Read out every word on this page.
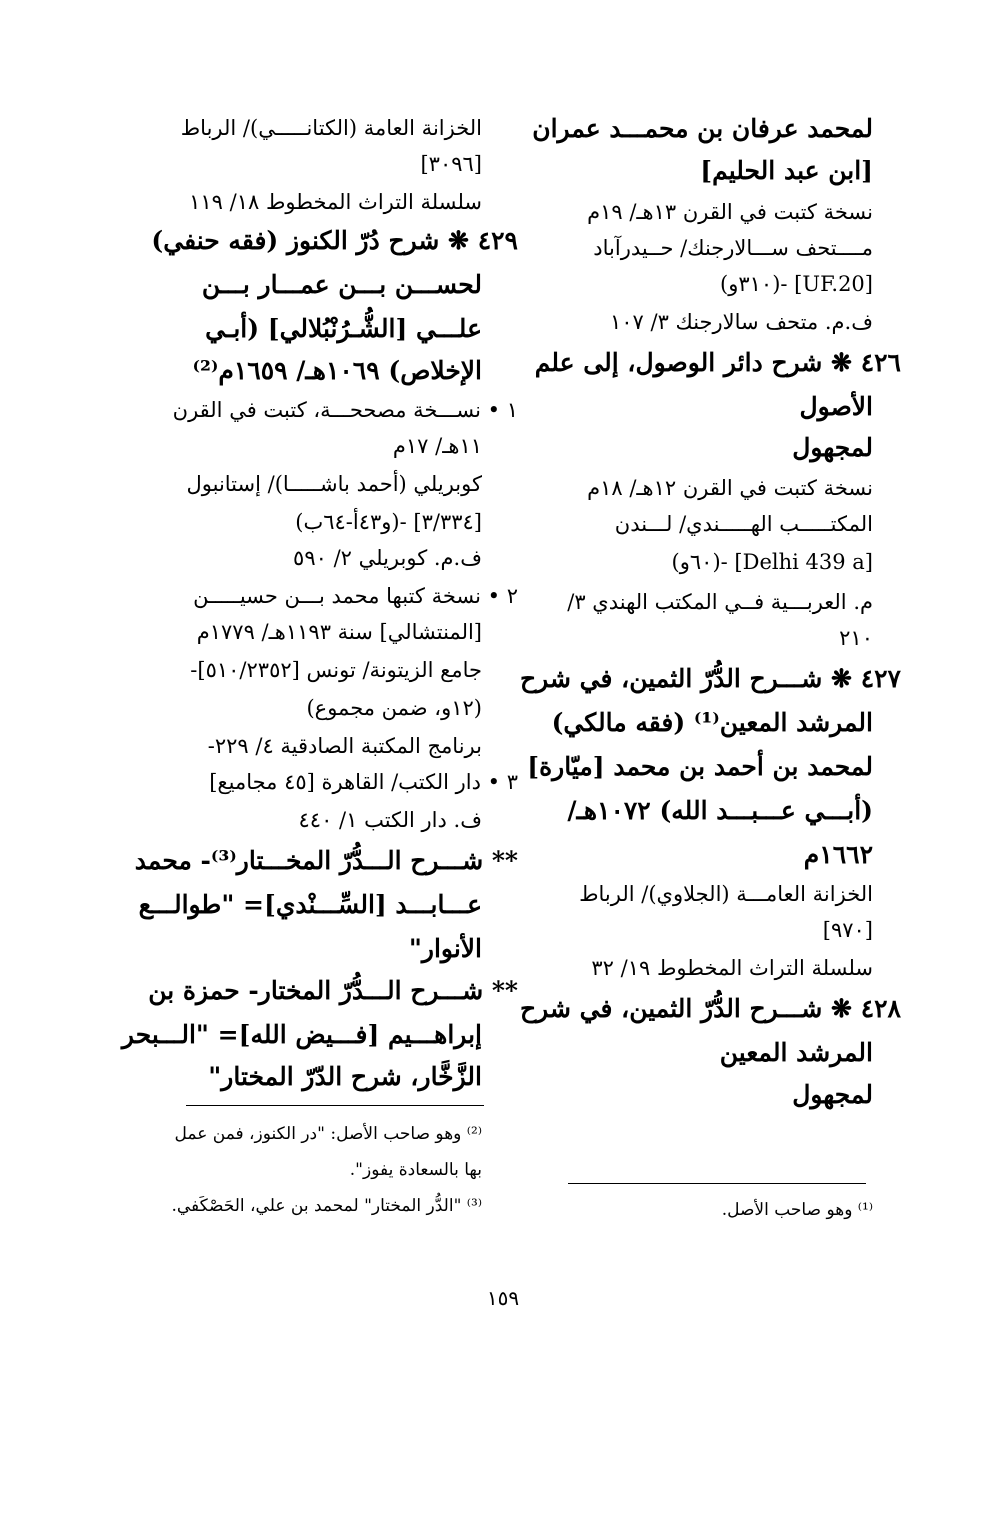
لمحمد عرفان بن محمـــد عمران
[ابن عبد الحليم]
نسخة كتبت في القرن ١٣هـ/ ١٩م
مــــتحف ســـالارجنك/ حــيدرآباد
[UF.20] -(٣١٠و)
ف.م. متحف سالارجنك ٣/ ١٠٧
٤٢٦ ❋ شرح دائر الوصول، إلى علم
الأصول
لمجهول
نسخة كتبت في القرن ١٢هـ/ ١٨م
المكتـــــب الهـــــندي/ لـــندن
[Delhi 439 a] -(٦٠و)
م. العربـــية فــي المكتب الهندي ٣/
٢١٠
٤٢٧ ❋ شـــرح الدُّرّ الثمين، في شرح
المرشد المعين⁽¹⁾ (فقه مالكي)
لمحمد بن أحمد بن محمد [ميّارة]
(أبـــي عـــبـــد الله) ١٠٧٢هـ/
١٦٦٢م
الخزانة العامـــة (الجلاوي)/ الرباط
[٩٧٠]
سلسلة التراث المخطوط ١٩/ ٣٢
٤٢٨ ❋ شـــرح الدُّرّ الثمين، في شرح
المرشد المعين
لمجهول
الخزانة العامة (الكتانـــــي)/ الرباط
[٣٠٩٦]
سلسلة التراث المخطوط ١٨/ ١١٩
٤٢٩ ❋ شرح دُرّ الكنوز (فقه حنفي)
لحســـن بـــن عمـــار بـــن
علـــي [الشُّـرُنْبُلالي] (أبـي
الإخلاص) ١٠٦٩هـ/ ١٦٥٩م⁽²⁾
١ • نســـخة مصححـــة، كتبت في القرن
١١هـ/ ١٧م
كوبريلي (أحمد باشـــــا)/ إستانبول
[٣/٣٣٤] -(و٤٣أ-٦٤ب)
ف.م. كوبريلي ٢/ ٥٩٠
٢ • نسخة كتبها محمد بـــن حسيـــــن
[المنتشالي] سنة ١١٩٣هـ/ ١٧٧٩م
جامع الزيتونة/ تونس [٥١٠/٢٣٥٢]-
(١٢و، ضمن مجموع)
برنامج المكتبة الصادقية ٤/ ٢٢٩-
٣ • دار الكتب/ القاهرة [٤٥ مجاميع]
ف. دار الكتب ١/ ٤٤٠
** شـــرح الـــدُّرّ المخـــتار⁽³⁾- محمد
عـــابـــد [السِّـــنْدي]= "طوالـــع
الأنوار"
** شـــرح الـــدُّرّ المختار- حمزة بن
إبراهـــيم [فـــيض الله]= "الـــبحر
الزَّخَّار، شرح الدّرّ المختار"
⁽²⁾ وهو صاحب الأصل: "در الكنوز، فمن عمل
بها بالسعادة يفوز".
⁽³⁾ "الدُّر المختار" لمحمد بن علي، الحَصْكَفي.	⁽¹⁾ وهو صاحب الأصل.
١٥٩
